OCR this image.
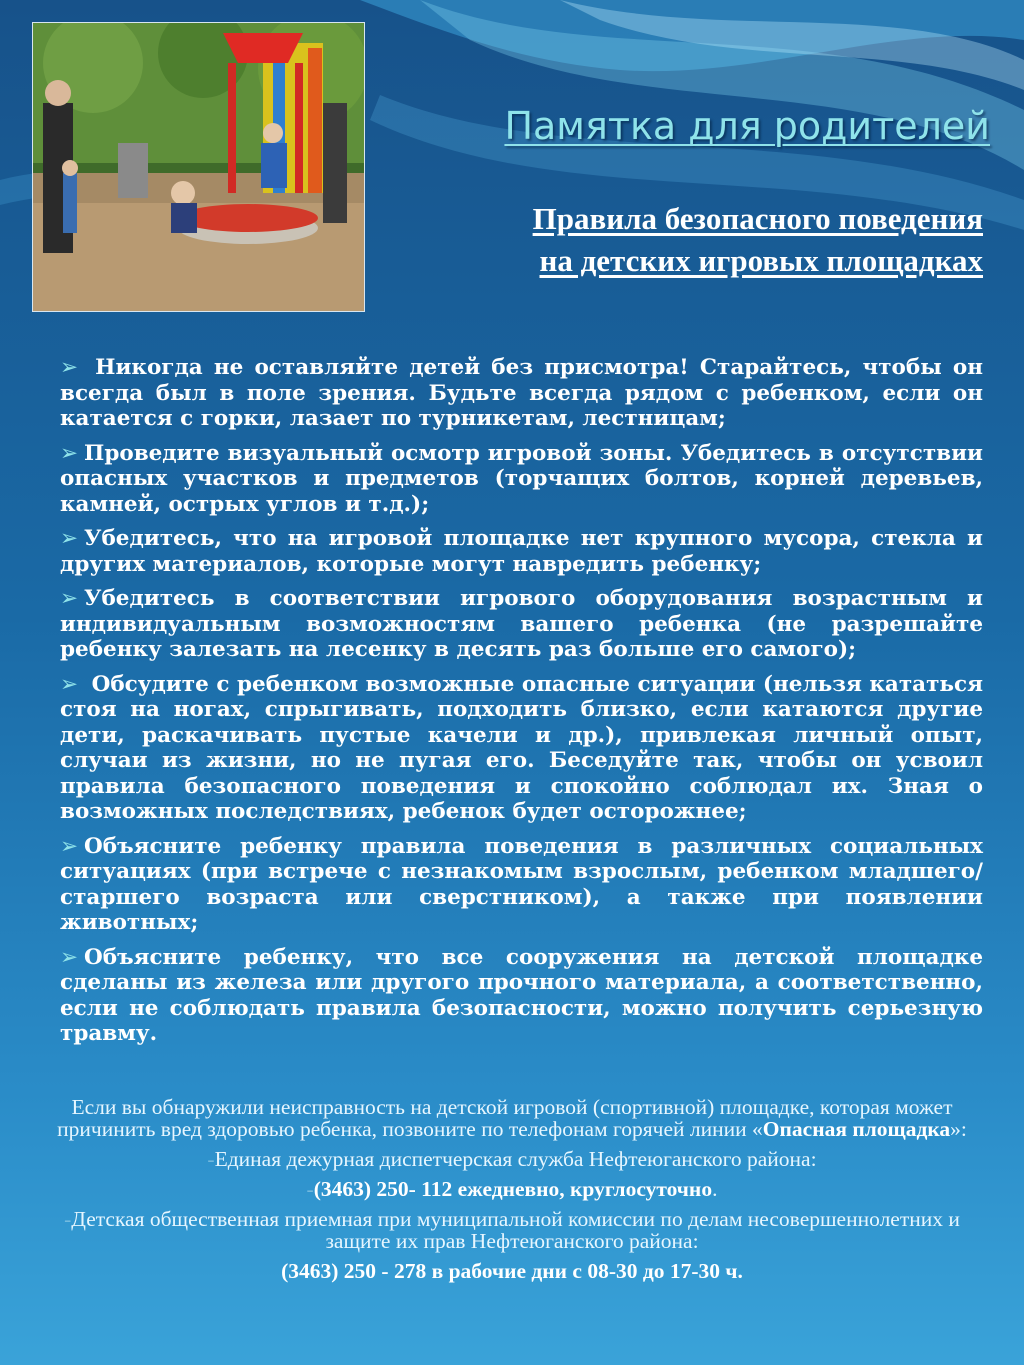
Памятка для родителей
Правила безопасного поведения
на детских игровых площадках
➢ Никогда не оставляйте детей без присмотра! Старайтесь, чтобы он всегда был в поле зрения. Будьте всегда рядом с ребенком, если он катается с горки, лазает по турникетам, лестницам;
➢ Проведите визуальный осмотр игровой зоны. Убедитесь в отсутствии опасных участков и предметов (торчащих болтов, корней деревьев, камней, острых углов и т.д.);
➢ Убедитесь, что на игровой площадке нет крупного мусора, стекла и других материалов, которые могут навредить ребенку;
➢ Убедитесь в соответствии игрового оборудования возрастным и индивидуальным возможностям вашего ребенка (не разрешайте ребенку залезать на лесенку в десять раз больше его самого);
➢ Обсудите с ребенком возможные опасные ситуации (нельзя кататься стоя на ногах, спрыгивать, подходить близко, если катаются другие дети, раскачивать пустые качели и др.), привлекая личный опыт, случаи из жизни, но не пугая его. Беседуйте так, чтобы он усвоил правила безопасного поведения и спокойно соблюдал их. Зная о возможных последствиях, ребенок будет осторожнее;
➢ Объясните ребенку правила поведения в различных социальных ситуациях (при встрече с незнакомым взрослым, ребенком младшего/старшего возраста или сверстником), а также при появлении животных;
➢ Объясните ребенку, что все сооружения на детской площадке сделаны из железа или другого прочного материала, а соответственно, если не соблюдать правила безопасности, можно получить серьезную травму.

Если вы обнаружили неисправность на детской игровой (спортивной) площадке, которая может причинить вред здоровью ребенка, позвоните по телефонам горячей линии «Опасная площадка»:

-Единая дежурная диспетчерская служба Нефтеюганского района:

-(3463) 250- 112 ежедневно, круглосуточно.

-Детская общественная приемная при муниципальной комиссии по делам несовершеннолетних и защите их прав Нефтеюганского района:

(3463) 250 - 278 в рабочие дни с 08-30 до 17-30 ч.
